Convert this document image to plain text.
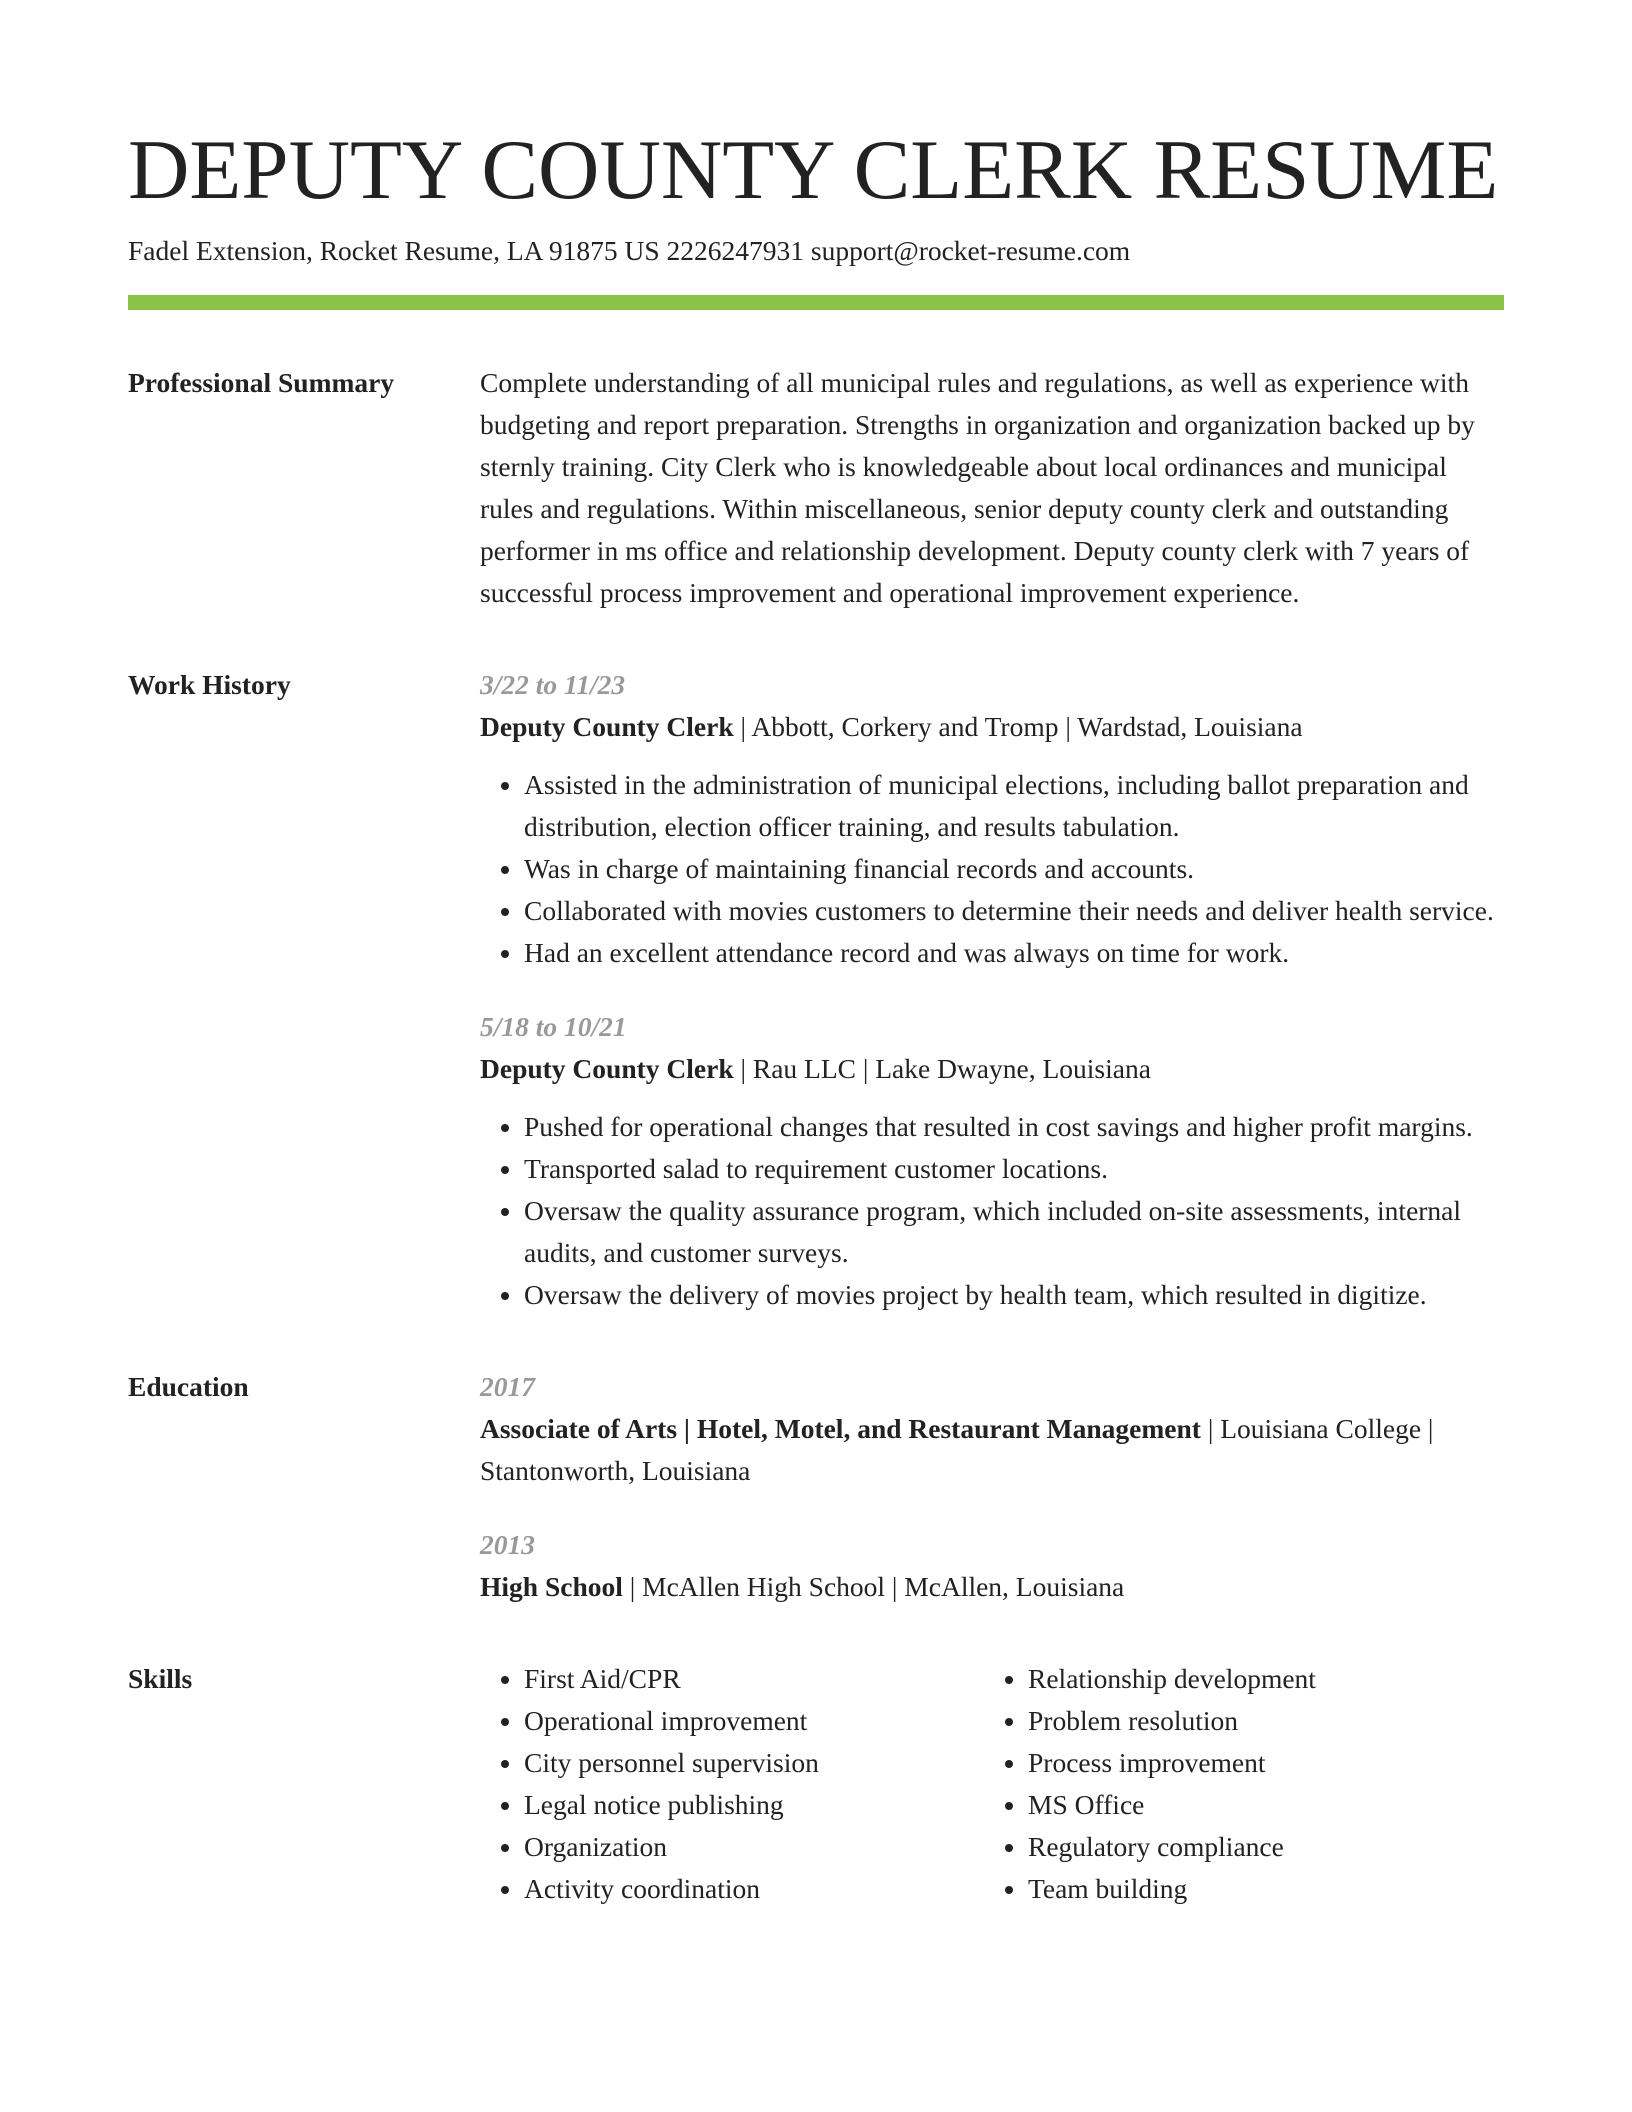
DEPUTY COUNTY CLERK RESUME
Fadel Extension, Rocket Resume, LA 91875 US 2226247931 support@rocket-resume.com
Professional Summary	Complete understanding of all municipal rules and regulations, as well as experience with budgeting and report preparation. Strengths in organization and organization backed up by sternly training. City Clerk who is knowledgeable about local ordinances and municipal rules and regulations. Within miscellaneous, senior deputy county clerk and outstanding performer in ms office and relationship development. Deputy county clerk with 7 years of successful process improvement and operational improvement experience.

Work History	3/22 to 11/23
Deputy County Clerk | Abbott, Corkery and Tromp | Wardstad, Louisiana
• Assisted in the administration of municipal elections, including ballot preparation and distribution, election officer training, and results tabulation.
• Was in charge of maintaining financial records and accounts.
• Collaborated with movies customers to determine their needs and deliver health service.
• Had an excellent attendance record and was always on time for work.
5/18 to 10/21
Deputy County Clerk | Rau LLC | Lake Dwayne, Louisiana
• Pushed for operational changes that resulted in cost savings and higher profit margins.
• Transported salad to requirement customer locations.
• Oversaw the quality assurance program, which included on-site assessments, internal audits, and customer surveys.
• Oversaw the delivery of movies project by health team, which resulted in digitize.
Education	2017
Associate of Arts | Hotel, Motel, and Restaurant Management | Louisiana College | Stantonworth, Louisiana
2013
High School | McAllen High School | McAllen, Louisiana
Skills
•	First Aid/CPR
• Operational improvement
• City personnel supervision
• Legal notice publishing
• Organization
• Activity coordination
• Relationship development
• Problem resolution
• Process improvement
• MS Office
• Regulatory compliance
• Team building
